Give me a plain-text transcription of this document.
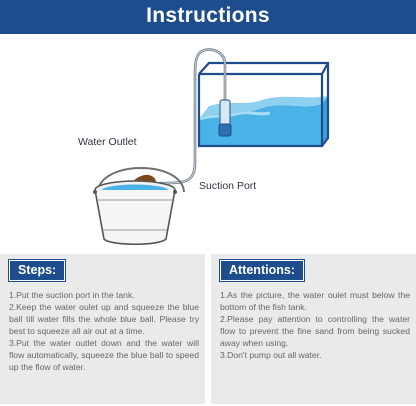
Instructions
Water Outlet
Suction Port
Steps:

1.Put the suction port in the tank.

2.Keep the water oulet up and squeeze the blue ball till water fills the whole blue ball. Please try best to squeeze all air out at a time.

3.Put the water outlet down and the water will flow automatically, squeeze the blue ball to speed up the flow of water.

Attentions:

1.As the picture, the water oulet must below the bottom of the fish tank.

2.Please pay attention to controlling the water flow to prevent the fine sand from being sucked away when using.

3.Don't pump out all water.
